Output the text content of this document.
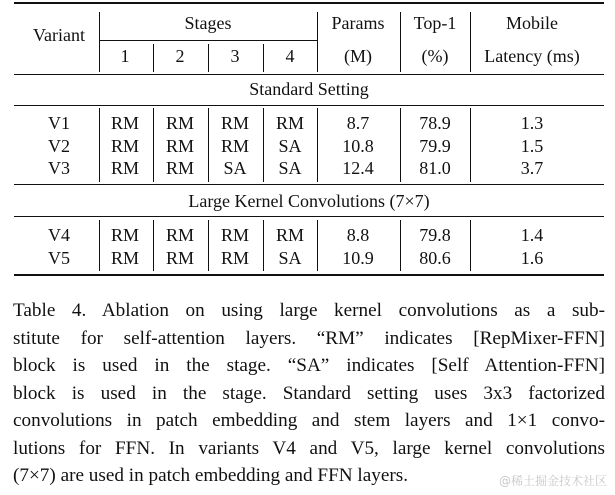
Variant
Stages	Params	Top-1	Mobile
1	2	3	4	(M)	(%)	Latency (ms)
Standard Setting
V1	RM	RM	RM	RM	8.7	78.9	1.3
V2	RM	RM	RM	SA	10.8	79.9	1.5
V3	RM	RM	SA	SA	12.4	81.0	3.7
Large Kernel Convolutions (7×7)
V4	RM	RM	RM	RM	8.8	79.8	1.4
V5	RM	RM	RM	SA	10.9	80.6	1.6
Table 4. Ablation on using large kernel convolutions as a sub-
stitute for self-attention layers. “RM” indicates [RepMixer-FFN]
block is used in the stage. “SA” indicates [Self Attention-FFN]
block is used in the stage. Standard setting uses 3x3 factorized
convolutions in patch embedding and stem layers and 1×1 convo-
lutions for FFN. In variants V4 and V5, large kernel convolutions
(7×7) are used in patch embedding and FFN layers.	@稀土掘金技术社区
